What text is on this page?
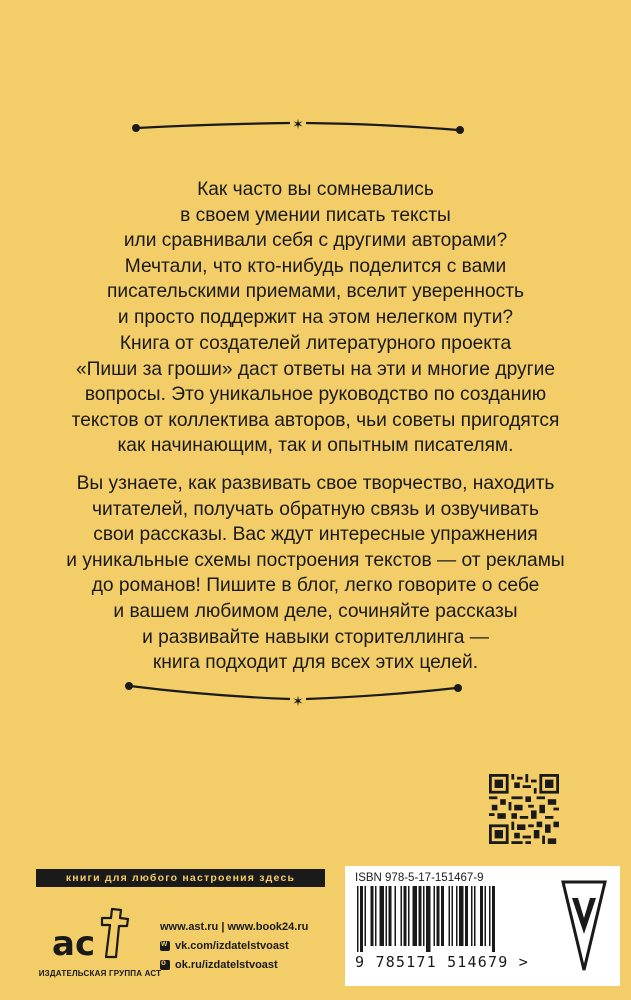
✶

Как часто вы сомневались
в своем умении писать тексты
или сравнивали себя с другими авторами?
Мечтали, что кто-нибудь поделится с вами
писательскими приемами, вселит уверенность
и просто поддержит на этом нелегком пути?

Книга от создателей литературного проекта
«Пиши за гроши» даст ответы на эти и многие другие
вопросы. Это уникальное руководство по созданию
текстов от коллектива авторов, чьи советы пригодятся
как начинающим, так и опытным писателям.

Вы узнаете, как развивать свое творчество, находить
читателей, получать обратную связь и озвучивать
свои рассказы. Вас ждут интересные упражнения
и уникальные схемы построения текстов — от рекламы
до романов! Пишите в блог, легко говорите о себе
и вашем любимом деле, сочиняйте рассказы
и развивайте навыки сторителлинга —
книга подходит для всех этих целей.

✶
книги для любого настроения здесь
ac
ИЗДАТЕЛЬСКАЯ ГРУППА АСТ
www.ast.ru | www.book24.ru
w vk.com/izdatelstvoast
o ok.ru/izdatelstvoast
ISBN 978-5-17-151467-9
9 785171 514679 >
